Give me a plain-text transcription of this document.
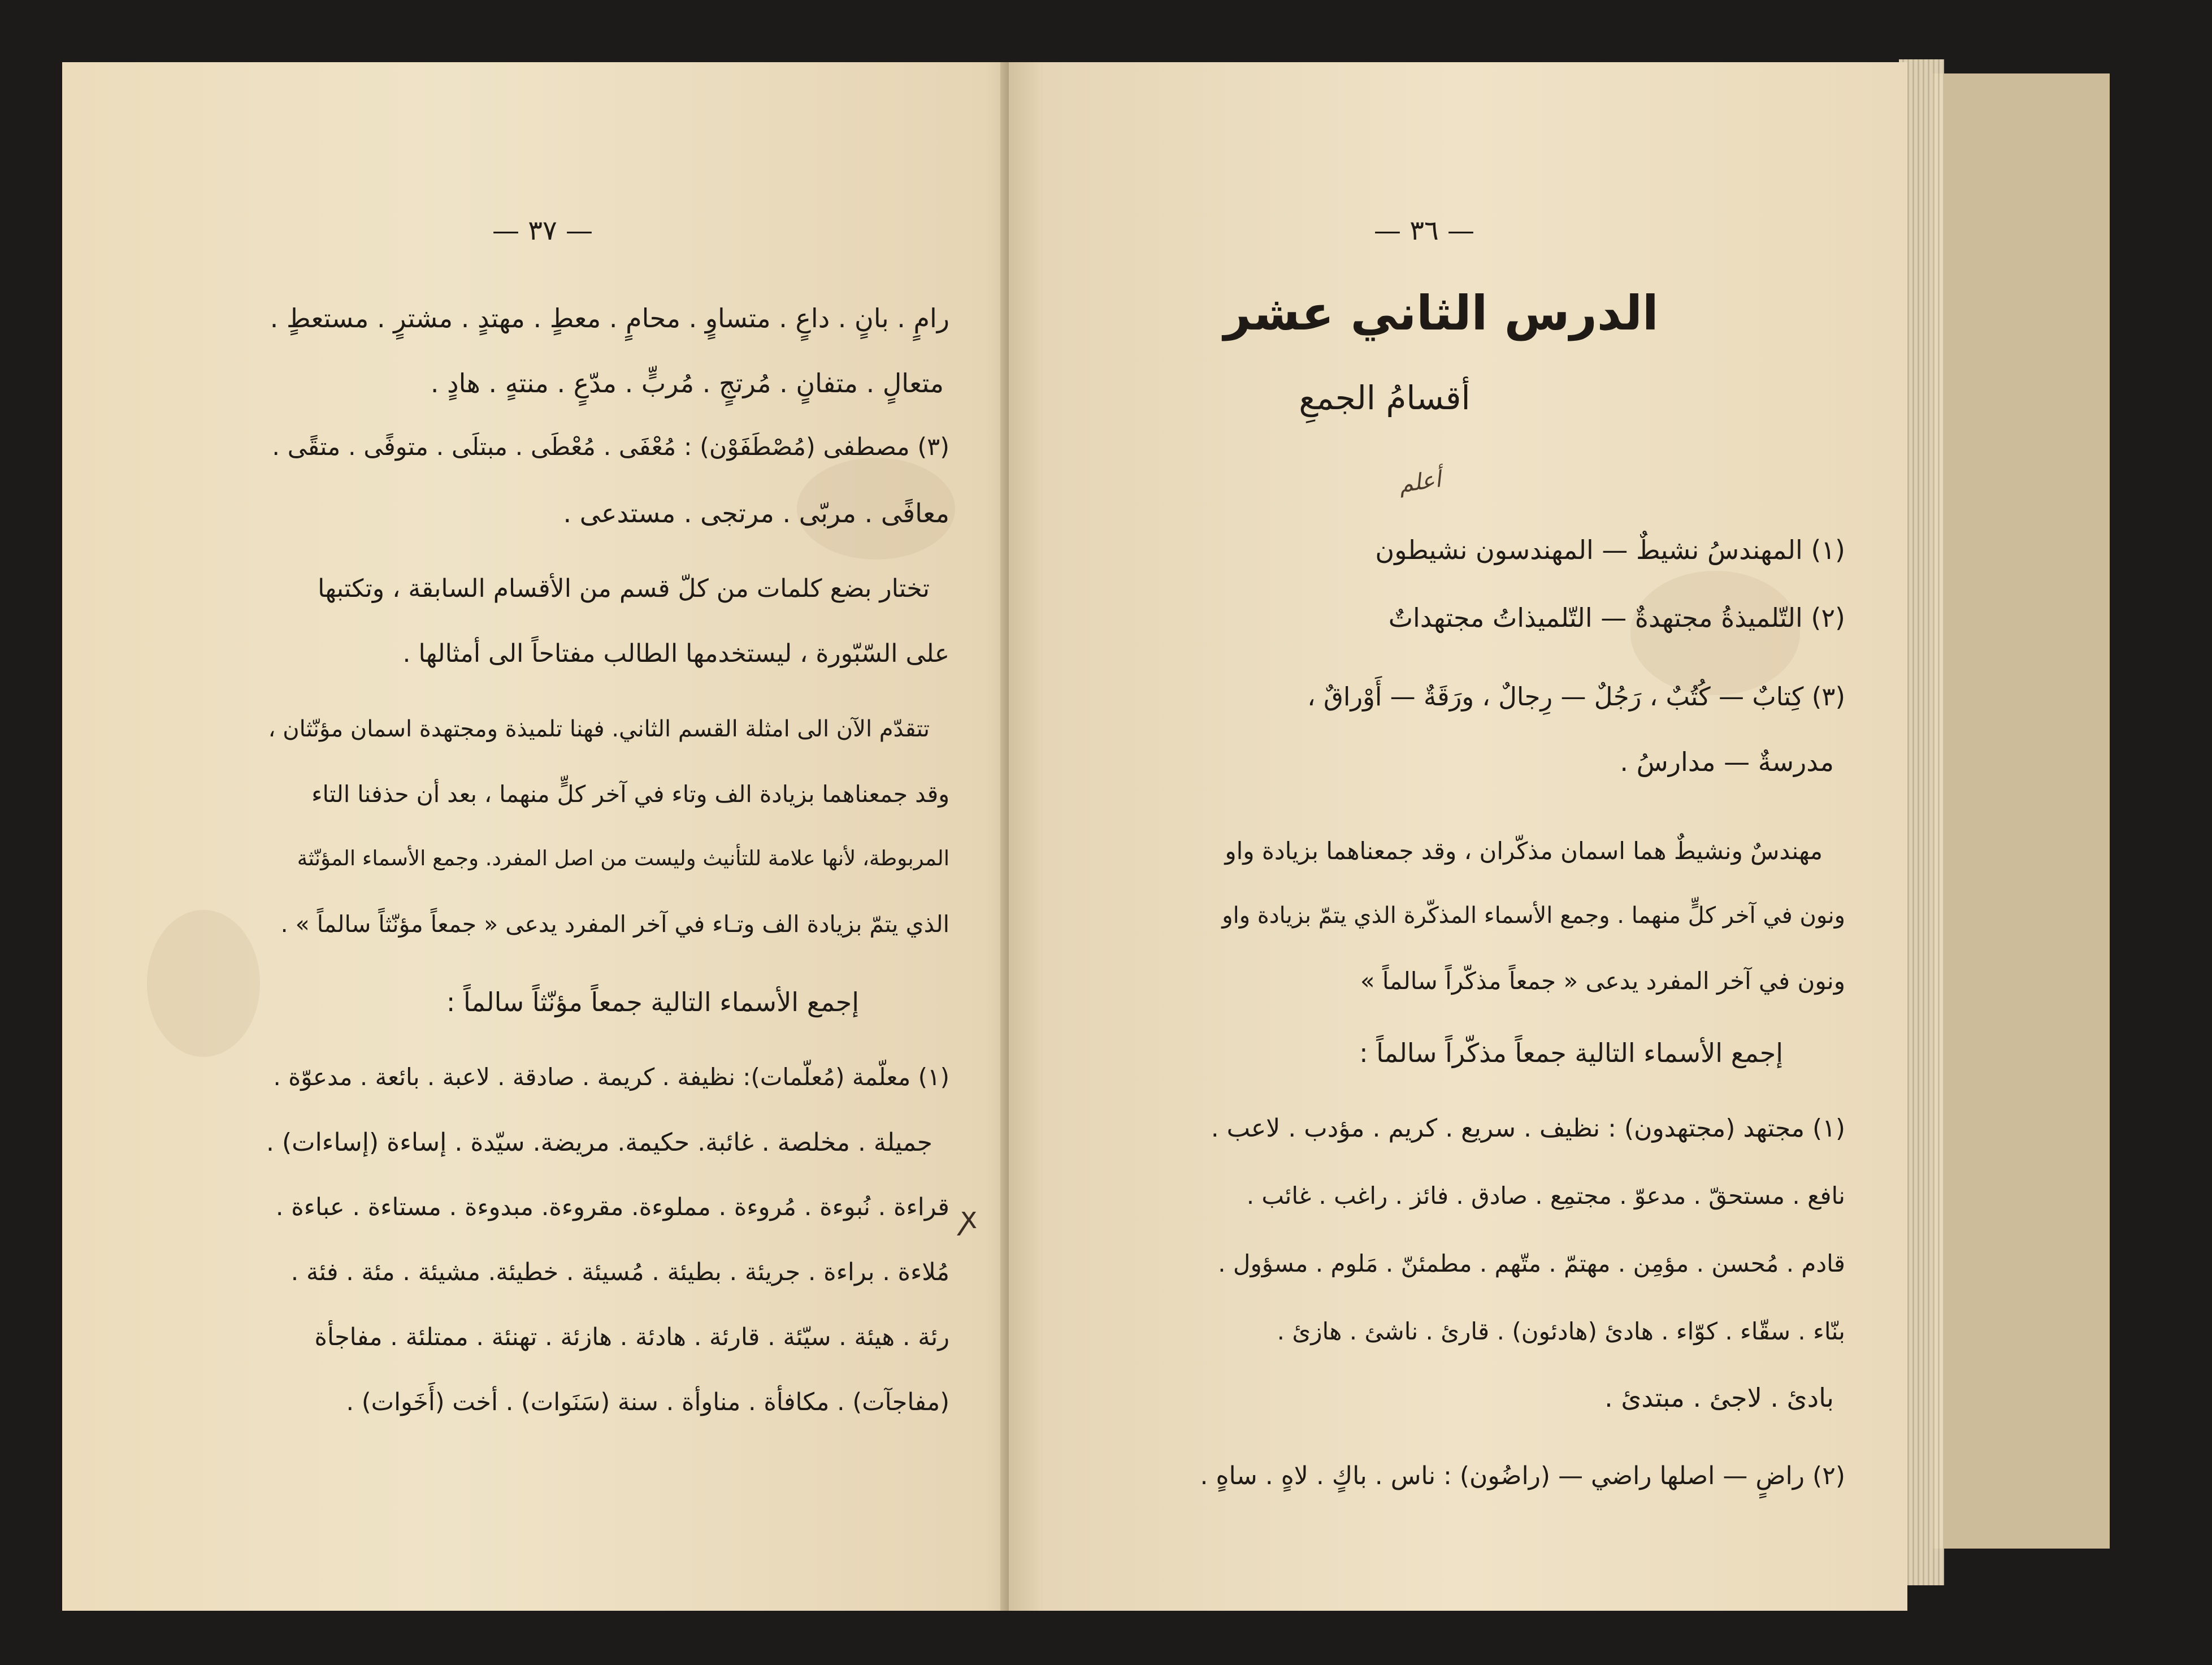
— ٣٧ —
رامٍ . بانٍ . داعٍ . متساوٍ . محامٍ . معطٍ . مهتدٍ . مشترٍ . مستعطٍ .
متعالٍ . متفانٍ . مُرتجٍ . مُربٍّ . مدّعٍ . منتهٍ . هادٍ .
(٣) مصطفى (مُصْطَفَوْن) : مُعْفَى . مُعْطَى . مبتلَى . متوفًى . متقًى .
معافًى . مربّى . مرتجى . مستدعى .
تختار بضع كلمات من كلّ قسم من الأقسام السابقة ، وتكتبها
على السّبّورة ، ليستخدمها الطالب مفتاحاً الى أمثالها .
تتقدّم الآن الى امثلة القسم الثاني. فهنا تلميذة ومجتهدة اسمان مؤنّثان ،
وقد جمعناهما بزيادة الف وتاء في آخر كلٍّ منهما ، بعد أن حذفنا التاء
المربوطة، لأنها علامة للتأنيث وليست من اصل المفرد. وجمع الأسماء المؤنّثة
الذي يتمّ بزيادة الف وتـاء في آخر المفرد يدعى « جمعاً مؤنّثاً سالماً » .
إجمع الأسماء التالية جمعاً مؤنّثاً سالماً :
(١) معلّمة (مُعلّمات): نظيفة . كريمة . صادقة . لاعبة . بائعة . مدعوّة .
جميلة . مخلصة . غائبة. حكيمة. مريضة. سيّدة . إساءة (إساءات) .
قراءة . نُبوءة . مُروءة . مملوءة. مقروءة. مبدوءة . مستاءة . عباءة .
مُلاءة . براءة . جريئة . بطيئة . مُسيئة . خطيئة. مشيئة . مئة . فئة .
رئة . هيئة . سيّئة . قارئة . هادئة . هازئة . تهنئة . ممتلئة . مفاجأة
(مفاجآت) . مكافأة . مناوأة . سنة (سَنَوات) . أخت (أَخَوات) .
ꭗ
— ٣٦ —
الدرس الثاني عشر
أقسامُ الجمعِ
أعلم
(١) المهندسُ نشيطٌ — المهندسون نشيطون
(٢) التّلميذةُ مجتهدةٌ — التّلميذاتُ مجتهداتٌ
(٣) كِتابٌ — كُتُبٌ ، رَجُلٌ — رِجالٌ ، ورَقَةٌ — أَوْراقٌ ،
مدرسةٌ — مدارسُ .
مهندسٌ ونشيطٌ هما اسمان مذكّران ، وقد جمعناهما بزيادة واو
ونون في آخر كلٍّ منهما . وجمع الأسماء المذكّرة الذي يتمّ بزيادة واو
ونون في آخر المفرد يدعى « جمعاً مذكّراً سالماً »
إجمع الأسماء التالية جمعاً مذكّراً سالماً :
(١) مجتهد (مجتهدون) : نظيف . سريع . كريم . مؤدب . لاعب .
نافع . مستحقّ . مدعوّ . مجتمِع . صادق . فائز . راغب . غائب .
قادم . مُحسن . مؤمِن . مهتمّ . متّهم . مطمئنّ . مَلوم . مسؤول .
بنّاء . سقّاء . كوّاء . هادئ (هادئون) . قارئ . ناشئ . هازئ .
بادئ . لاجئ . مبتدئ .
(٢) راضٍ — اصلها راضي — (راضُون) : ناس . باكٍ . لاهٍ . ساهٍ .
